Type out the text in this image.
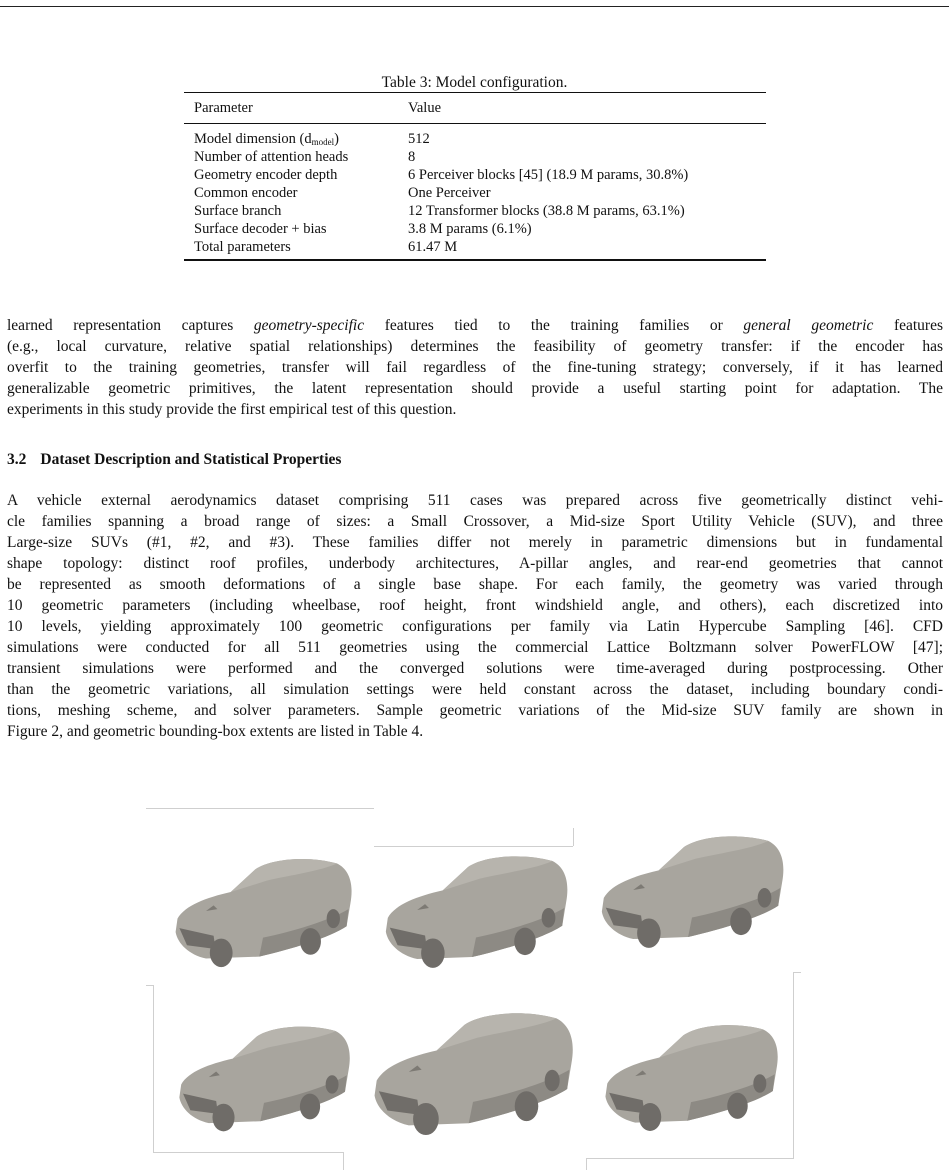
Table 3: Model configuration.
Parameter	Value
Model dimension $(d_{model})$	512
Number of attention heads	8
Geometry encoder depth	6 Perceiver blocks [45] (18.9 M params, 30.8%)
Common encoder	One Perceiver
Surface branch	12 Transformer blocks (38.8 M params, 63.1%)
Surface decoder + bias	3.8 M params (6.1%)
Total parameters	61.47 M
learned representation captures geometry-specific features tied to the training families or general geometric features
(e.g., local curvature, relative spatial relationships) determines the feasibility of geometry transfer: if the encoder has
overfit to the training geometries, transfer will fail regardless of the fine-tuning strategy; conversely, if it has learned
generalizable geometric primitives, the latent representation should provide a useful starting point for adaptation. The
experiments in this study provide the first empirical test of this question.
3.2 Dataset Description and Statistical Properties
A vehicle external aerodynamics dataset comprising 511 cases was prepared across five geometrically distinct vehi-
cle families spanning a broad range of sizes: a Small Crossover, a Mid-size Sport Utility Vehicle (SUV), and three
Large-size SUVs (#1, #2, and #3). These families differ not merely in parametric dimensions but in fundamental
shape topology: distinct roof profiles, underbody architectures, A-pillar angles, and rear-end geometries that cannot
be represented as smooth deformations of a single base shape. For each family, the geometry was varied through
10 geometric parameters (including wheelbase, roof height, front windshield angle, and others), each discretized into
10 levels, yielding approximately 100 geometric configurations per family via Latin Hypercube Sampling [46]. CFD
simulations were conducted for all 511 geometries using the commercial Lattice Boltzmann solver PowerFLOW [47];
transient simulations were performed and the converged solutions were time-averaged during postprocessing. Other
than the geometric variations, all simulation settings were held constant across the dataset, including boundary condi-
tions, meshing scheme, and solver parameters. Sample geometric variations of the Mid-size SUV family are shown in
Figure 2, and geometric bounding-box extents are listed in Table 4.
